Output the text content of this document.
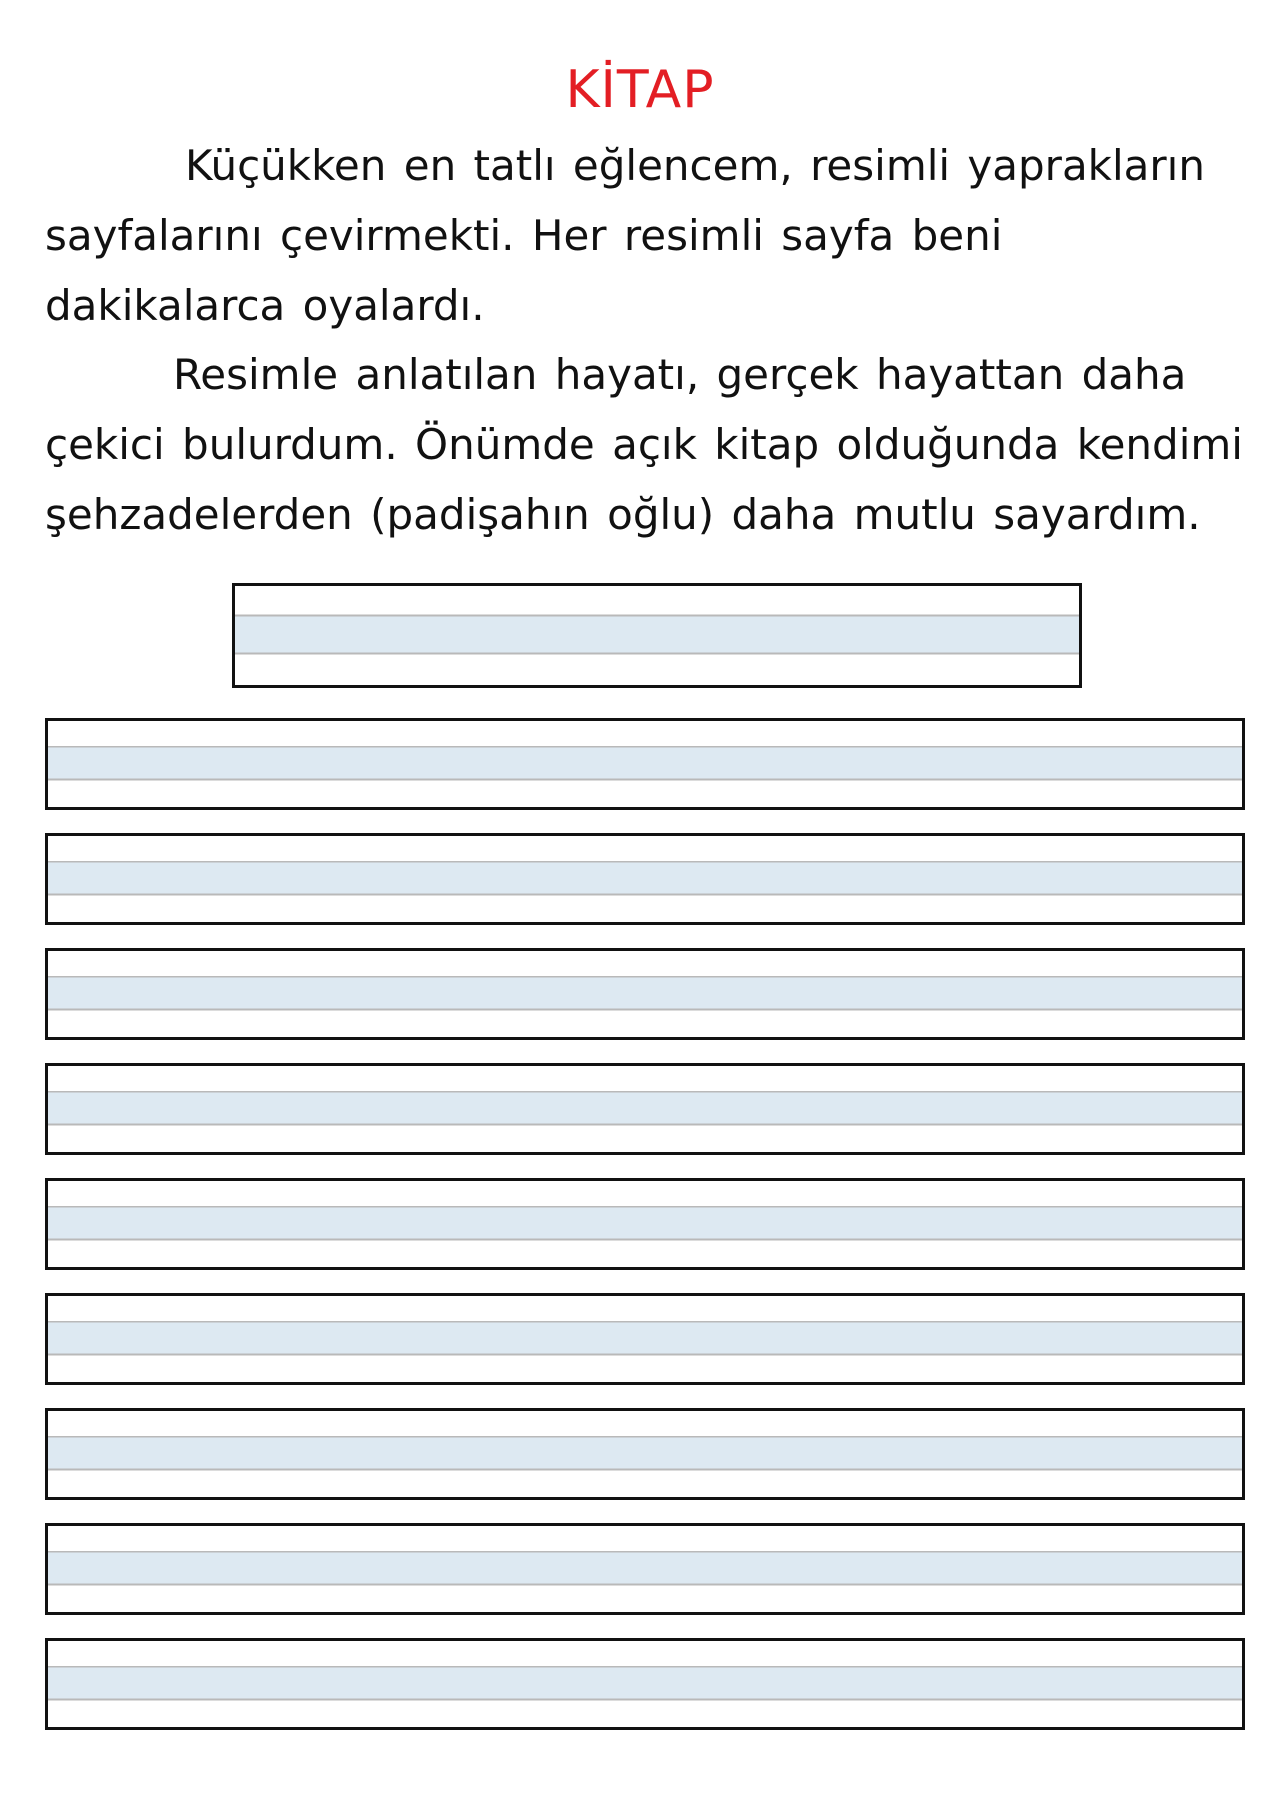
KİTAP
Küçükken en tatlı eğlencem, resimli yaprakların
sayfalarını çevirmekti. Her resimli sayfa beni
dakikalarca oyalardı.
Resimle anlatılan hayatı, gerçek hayattan daha
çekici bulurdum. Önümde açık kitap olduğunda kendimi
şehzadelerden (padişahın oğlu) daha mutlu sayardım.
